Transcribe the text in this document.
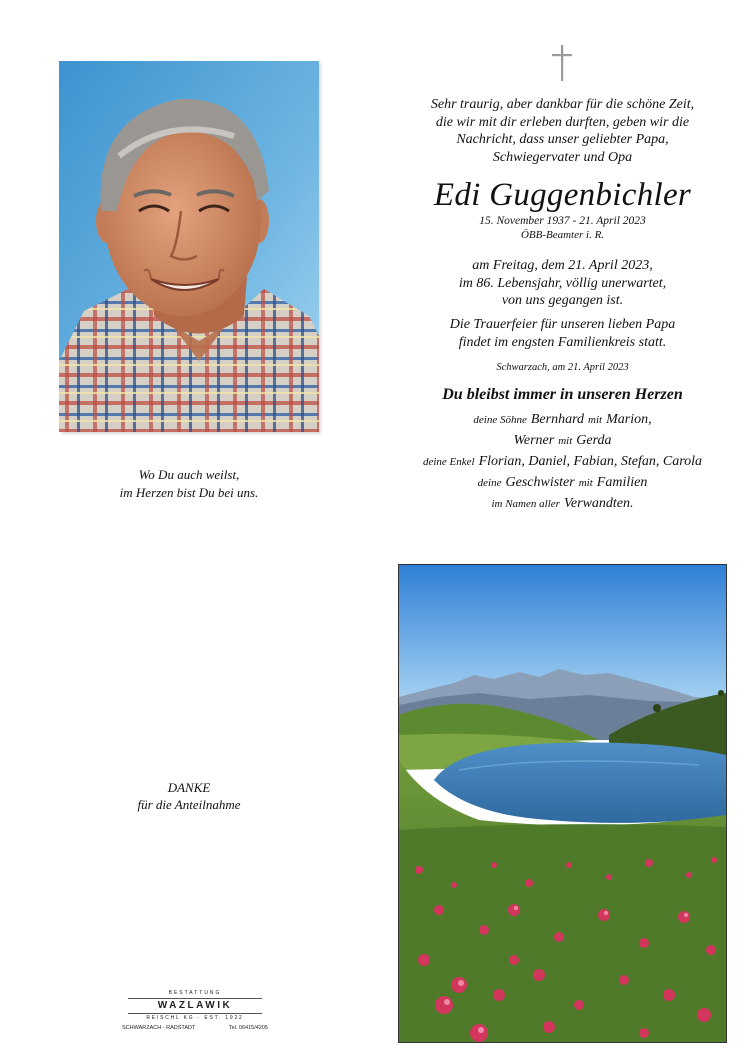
Wo Du auch weilst,
im Herzen bist Du bei uns.
Sehr traurig, aber dankbar für die schöne Zeit,
die wir mit dir erleben durften, geben wir die
Nachricht, dass unser geliebter Papa,
Schwiegervater und Opa
Edi Guggenbichler
15. November 1937 - 21. April 2023
ÖBB-Beamter i. R.
am Freitag, dem 21. April 2023,
im 86. Lebensjahr, völlig unerwartet,
von uns gegangen ist.
Die Trauerfeier für unseren lieben Papa
findet im engsten Familienkreis statt.
Schwarzach, am 21. April 2023
Du bleibst immer in unseren Herzen
deine Söhne Bernhard mit Marion,
Werner mit Gerda
deine Enkel Florian, Daniel, Fabian, Stefan, Carola
deine Geschwister mit Familien
im Namen aller Verwandten.
DANKE
für die Anteilnahme
BESTATTUNG
WAZLAWIK
REISCHL KG · EST. 1922
SCHWARZACH - RADSTADT	Tel. 06415/4205
